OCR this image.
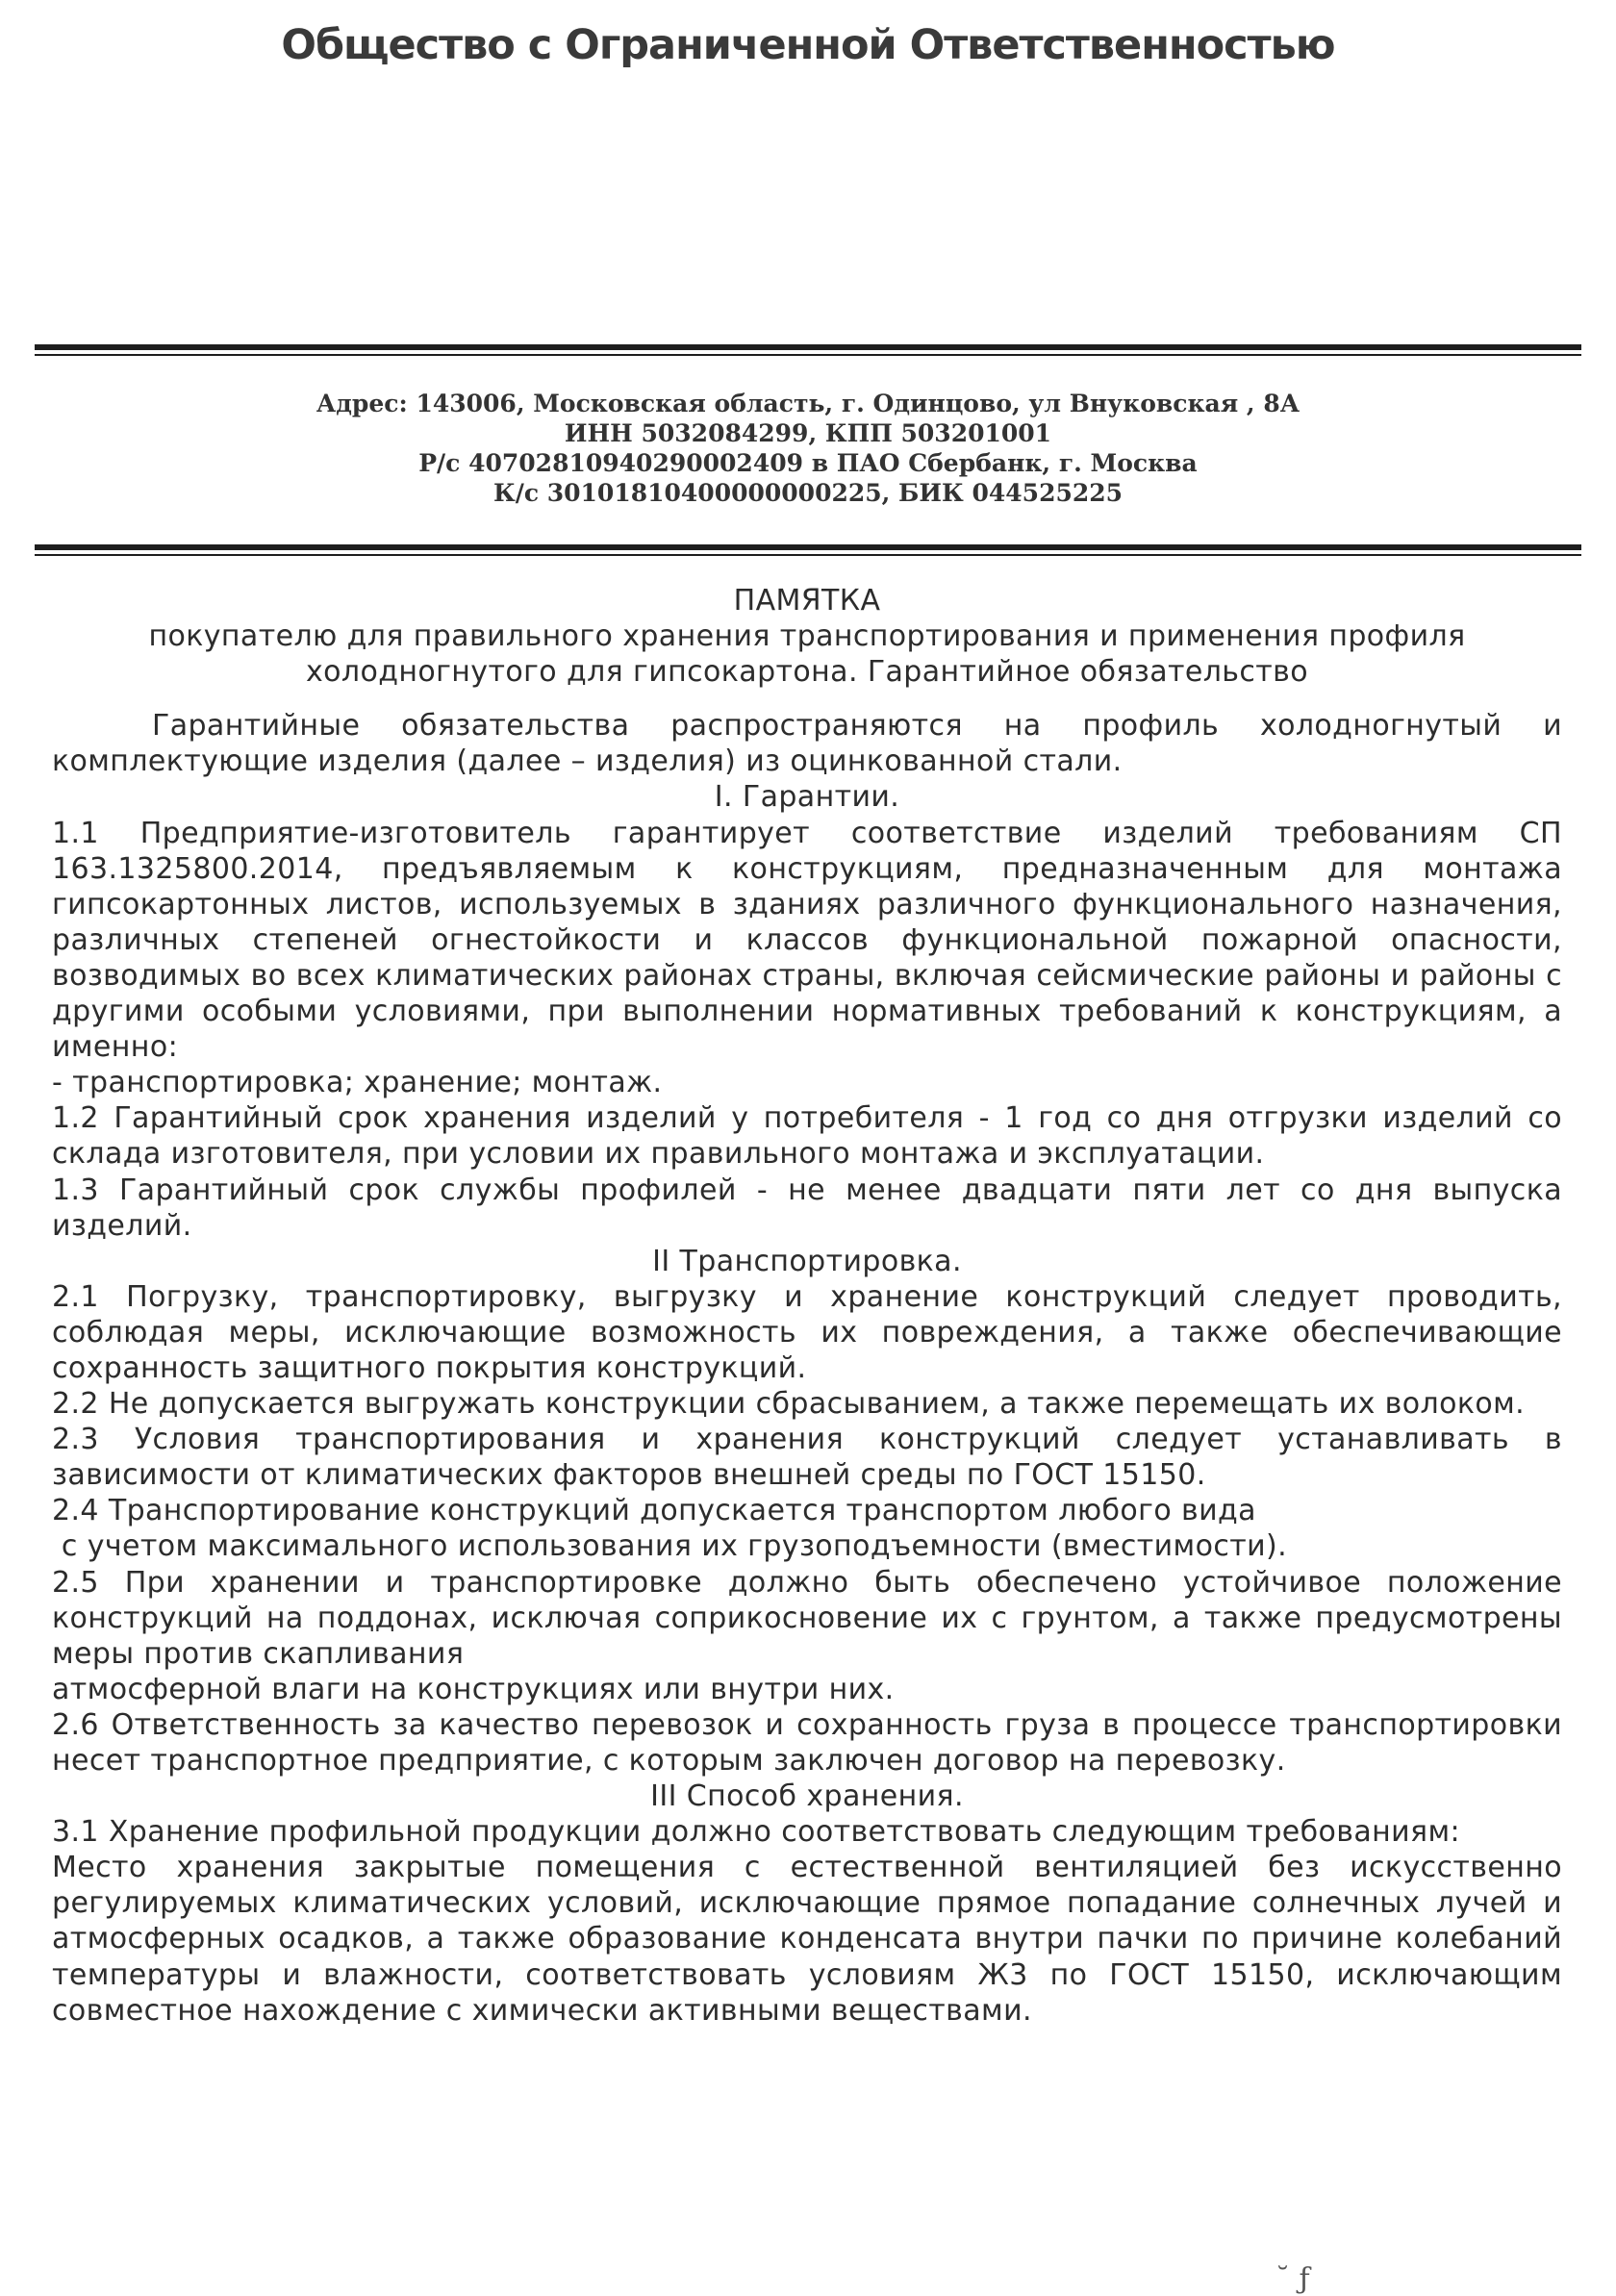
Общество с Ограниченной Ответственностью
Адрес: 143006, Московская область, г. Одинцово, ул Внуковская , 8А
ИНН 5032084299, КПП 503201001
Р/с 40702810940290002409 в ПАО Сбербанк, г. Москва
К/с 30101810400000000225, БИК 044525225

ПАМЯТКА

покупателю для правильного хранения транспортирования и применения профиля

холодногнутого для гипсокартона. Гарантийное обязательство

Гарантийные обязательства распространяются на профиль холодногнутый и комплектующие изделия (далее – изделия) из оцинкованной стали.

I. Гарантии.

1.1 Предприятие-изготовитель гарантирует соответствие изделий требованиям СП 163.1325800.2014, предъявляемым к конструкциям, предназначенным для монтажа гипсокартонных листов, используемых в зданиях различного функционального назначения, различных степеней огнестойкости и классов функциональной пожарной опасности, возводимых во всех климатических районах страны, включая сейсмические районы и районы с другими особыми условиями, при выполнении нормативных требований к конструкциям, а именно:

- транспортировка; хранение; монтаж.

1.2 Гарантийный срок хранения изделий у потребителя - 1 год со дня отгрузки изделий со склада изготовителя, при условии их правильного монтажа и эксплуатации.

1.3 Гарантийный срок службы профилей - не менее двадцати пяти лет со дня выпуска изделий.

II Транспортировка.

2.1 Погрузку, транспортировку, выгрузку и хранение конструкций следует проводить, соблюдая меры, исключающие возможность их повреждения, а также обеспечивающие сохранность защитного покрытия конструкций.

2.2 Не допускается выгружать конструкции сбрасыванием, а также перемещать их волоком.

2.3 Условия транспортирования и хранения конструкций следует устанавливать в зависимости от климатических факторов внешней среды по ГОСТ 15150.

2.4 Транспортирование конструкций допускается транспортом любого вида

с учетом максимального использования их грузоподъемности (вместимости).

2.5 При хранении и транспортировке должно быть обеспечено устойчивое положение конструкций на поддонах, исключая соприкосновение их с грунтом, а также предусмотрены меры против скапливания

атмосферной влаги на конструкциях или внутри них.

2.6 Ответственность за качество перевозок и сохранность груза в процессе транспортировки несет транспортное предприятие, с которым заключен договор на перевозку.

III Способ хранения.

3.1 Хранение профильной продукции должно соответствовать следующим требованиям:

Место хранения закрытые помещения с естественной вентиляцией без искусственно регулируемых климатических условий, исключающие прямое попадание солнечных лучей и атмосферных осадков, а также образование конденсата внутри пачки по причине колебаний температуры и влажности, соответствовать условиям Ж3 по ГОСТ 15150, исключающим совместное нахождение с химически активными веществами.

˘ ƒ
